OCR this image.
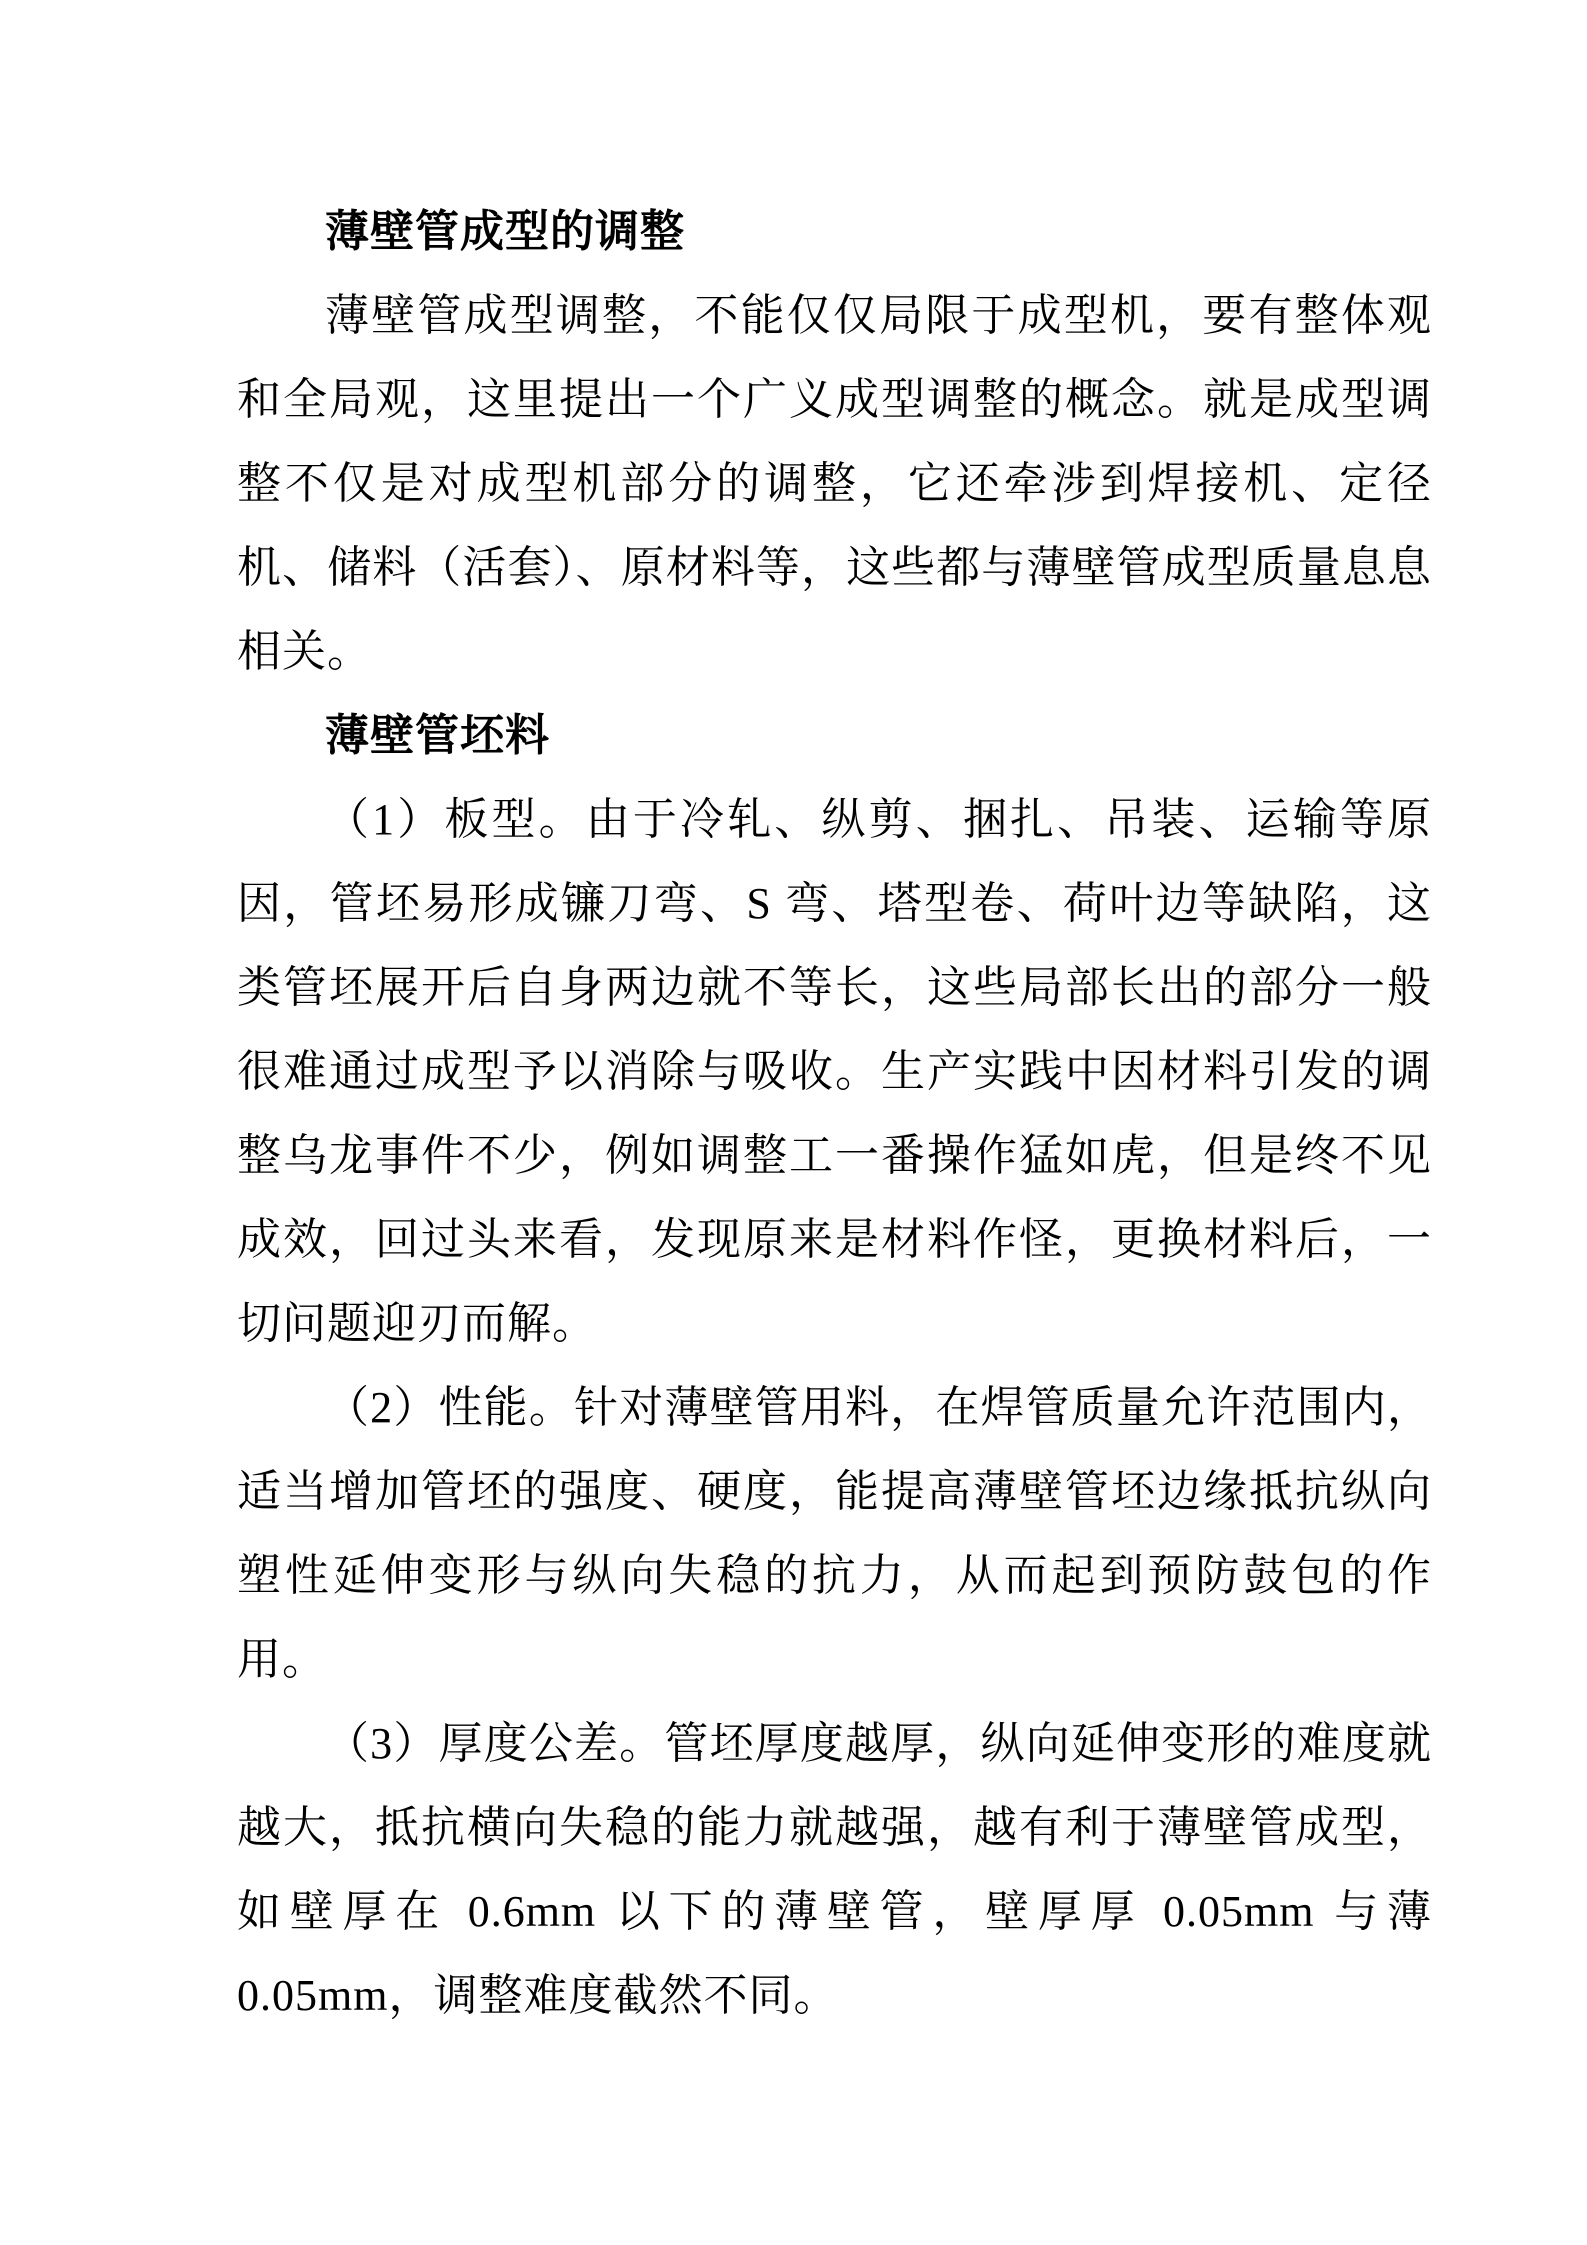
薄壁管成型的调整

薄壁管成型调整，不能仅仅局限于成型机，要有整体观和全局观，这里提出一个广义成型调整的概念。就是成型调整不仅是对成型机部分的调整，它还牵涉到焊接机、定径机、储料（活套）、原材料等，这些都与薄壁管成型质量息息相关。

薄壁管坯料

（1）板型。由于冷轧、纵剪、捆扎、吊装、运输等原因，管坯易形成镰刀弯、S 弯、塔型卷、荷叶边等缺陷，这类管坯展开后自身两边就不等长，这些局部长出的部分一般很难通过成型予以消除与吸收。生产实践中因材料引发的调整乌龙事件不少，例如调整工一番操作猛如虎，但是终不见成效，回过头来看，发现原来是材料作怪，更换材料后，一切问题迎刃而解。

（2）性能。针对薄壁管用料，在焊管质量允许范围内，适当增加管坯的强度、硬度，能提高薄壁管坯边缘抵抗纵向塑性延伸变形与纵向失稳的抗力，从而起到预防鼓包的作用。

（3）厚度公差。管坯厚度越厚，纵向延伸变形的难度就越大，抵抗横向失稳的能力就越强，越有利于薄壁管成型，如壁厚在 0.6mm 以下的薄壁管，壁厚厚 0.05mm 与薄 0.05mm，调整难度截然不同。
